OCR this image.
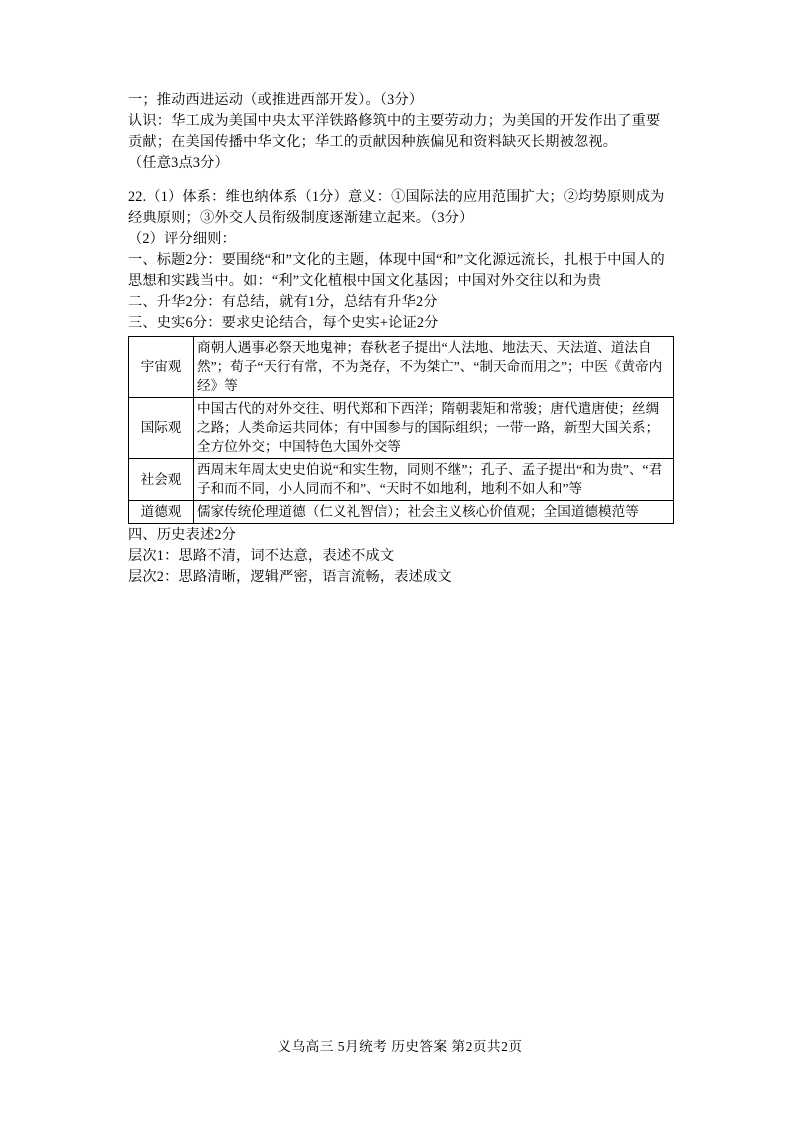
一；推动西进运动（或推进西部开发）。（3分）
认识：华工成为美国中央太平洋铁路修筑中的主要劳动力；为美国的开发作出了重要贡献；在美国传播中华文化；华工的贡献因种族偏见和资料缺灭长期被忽视。
（任意3点3分）
22.（1）体系：维也纳体系（1分）意义：①国际法的应用范围扩大；②均势原则成为经典原则；③外交人员衔级制度逐渐建立起来。（3分）
（2）评分细则：
一、标题2分：要围绕“和”文化的主题，体现中国“和”文化源远流长，扎根于中国人的思想和实践当中。如：“利”文化植根中国文化基因；中国对外交往以和为贵
二、升华2分：有总结，就有1分，总结有升华2分
三、史实6分：要求史论结合，每个史实+论证2分
宇宙观	商朝人遇事必祭天地鬼神；春秋老子提出“人法地、地法天、天法道、道法自然”；荀子“天行有常，不为尧存，不为桀亡”、“制天命而用之”；中医《黄帝内经》等
国际观	中国古代的对外交往、明代郑和下西洋；隋朝裴矩和常骏；唐代遣唐使；丝绸之路；人类命运共同体；有中国参与的国际组织；一带一路，新型大国关系；全方位外交；中国特色大国外交等
社会观	西周末年周太史史伯说“和实生物，同则不继”；孔子、孟子提出“和为贵”、“君子和而不同，小人同而不和”、“天时不如地利，地利不如人和”等
道德观	儒家传统伦理道德（仁义礼智信）；社会主义核心价值观；全国道德模范等
四、历史表述2分
层次1：思路不清，词不达意，表述不成文
层次2：思路清晰，逻辑严密，语言流畅，表述成文
义乌高三 5月统考 历史答案 第2页共2页
